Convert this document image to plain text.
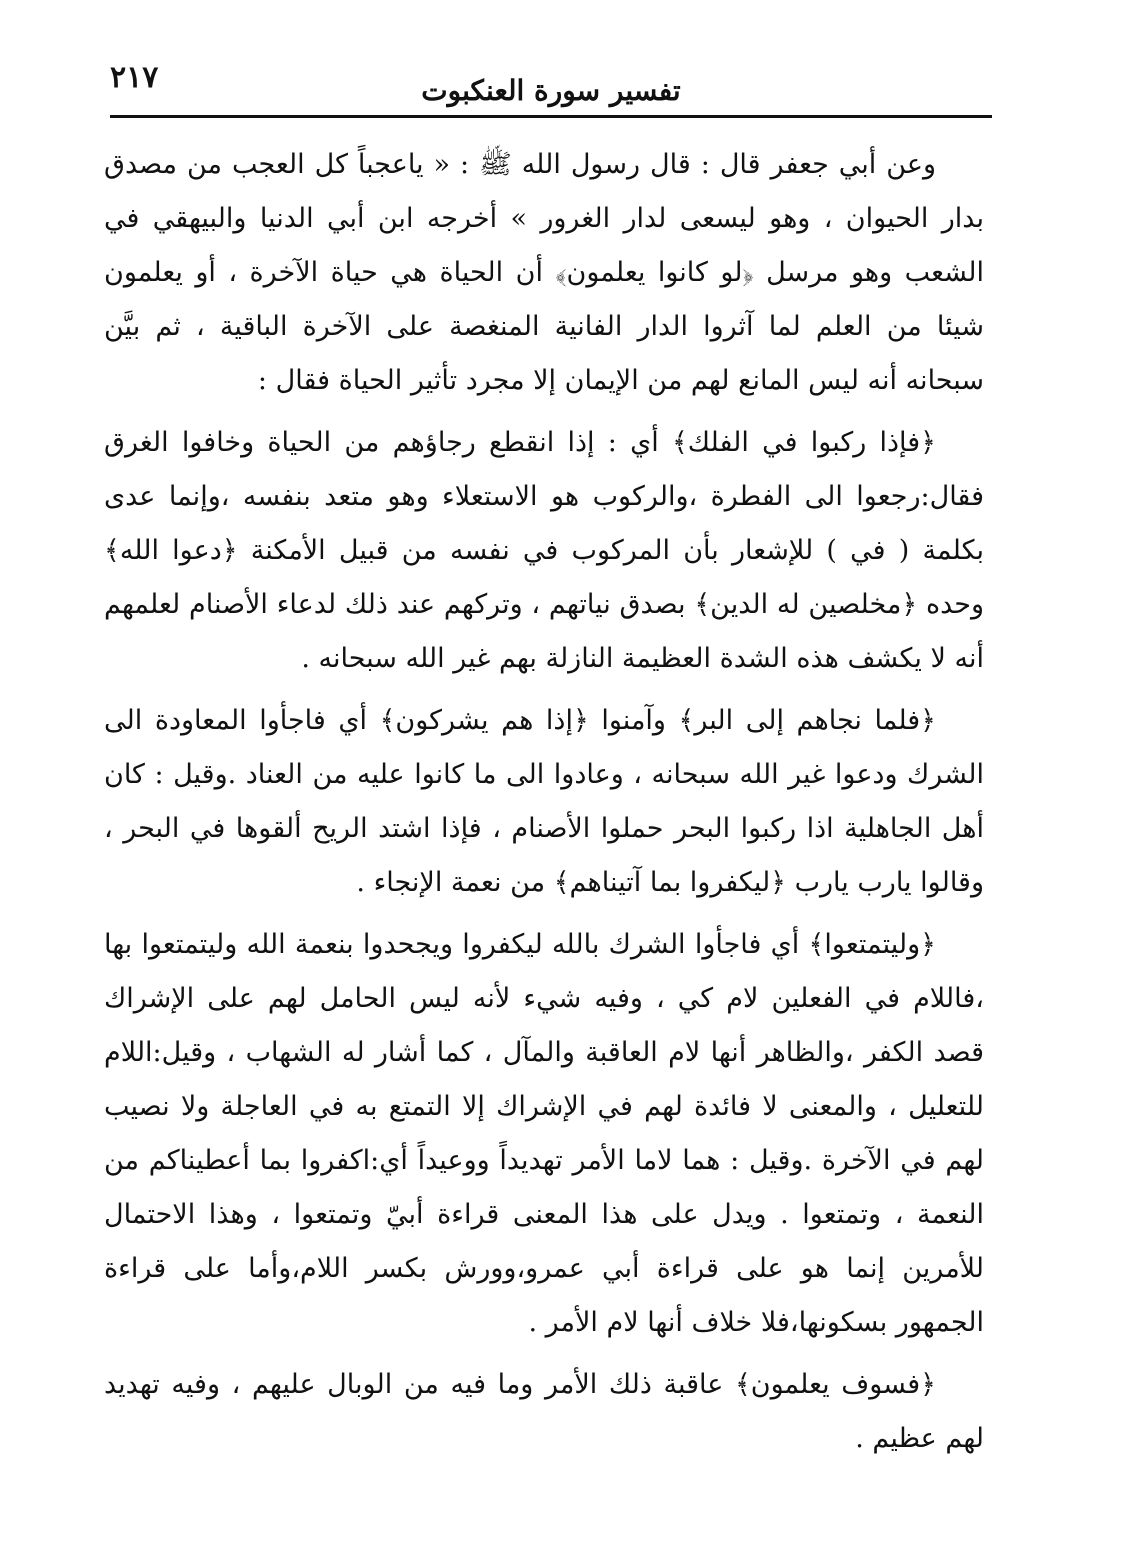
٢١٧	تفسير سورة العنكبوت

وعن أبي جعفر قال : قال رسول الله ﷺ : « ياعجباً كل العجب من مصدق بدار الحيوان ، وهو ليسعى لدار الغرور » أخرجه ابن أبي الدنيا والبيهقي في الشعب وهو مرسل ﴿لو كانوا يعلمون﴾ أن الحياة هي حياة الآخرة ، أو يعلمون شيئا من العلم لما آثروا الدار الفانية المنغصة على الآخرة الباقية ، ثم بيَّن سبحانه أنه ليس المانع لهم من الإيمان إلا مجرد تأثير الحياة فقال :

﴿فإذا ركبوا في الفلك﴾ أي : إذا انقطع رجاؤهم من الحياة وخافوا الغرق فقال:رجعوا الى الفطرة ،والركوب هو الاستعلاء وهو متعد بنفسه ،وإنما عدى بكلمة ( في ) للإشعار بأن المركوب في نفسه من قبيل الأمكنة ﴿دعوا الله﴾ وحده ﴿مخلصين له الدين﴾ بصدق نياتهم ، وتركهم عند ذلك لدعاء الأصنام لعلمهم أنه لا يكشف هذه الشدة العظيمة النازلة بهم غير الله سبحانه .

﴿فلما نجاهم إلى البر﴾ وآمنوا ﴿إذا هم يشركون﴾ أي فاجأوا المعاودة الى الشرك ودعوا غير الله سبحانه ، وعادوا الى ما كانوا عليه من العناد .وقيل : كان أهل الجاهلية اذا ركبوا البحر حملوا الأصنام ، فإذا اشتد الريح ألقوها في البحر ، وقالوا يارب يارب ﴿ليكفروا بما آتيناهم﴾ من نعمة الإنجاء .

﴿وليتمتعوا﴾ أي فاجأوا الشرك بالله ليكفروا ويجحدوا بنعمة الله وليتمتعوا بها ،فاللام في الفعلين لام كي ، وفيه شيء لأنه ليس الحامل لهم على الإشراك قصد الكفر ،والظاهر أنها لام العاقبة والمآل ، كما أشار له الشهاب ، وقيل:اللام للتعليل ، والمعنى لا فائدة لهم في الإشراك إلا التمتع به في العاجلة ولا نصيب لهم في الآخرة .وقيل : هما لاما الأمر تهديداً ووعيداً أي:اكفروا بما أعطيناكم من النعمة ، وتمتعوا . ويدل على هذا المعنى قراءة أبيّ وتمتعوا ، وهذا الاحتمال للأمرين إنما هو على قراءة أبي عمرو،وورش بكسر اللام،وأما على قراءة الجمهور بسكونها،فلا خلاف أنها لام الأمر .

﴿فسوف يعلمون﴾ عاقبة ذلك الأمر وما فيه من الوبال عليهم ، وفيه تهديد لهم عظيم .
